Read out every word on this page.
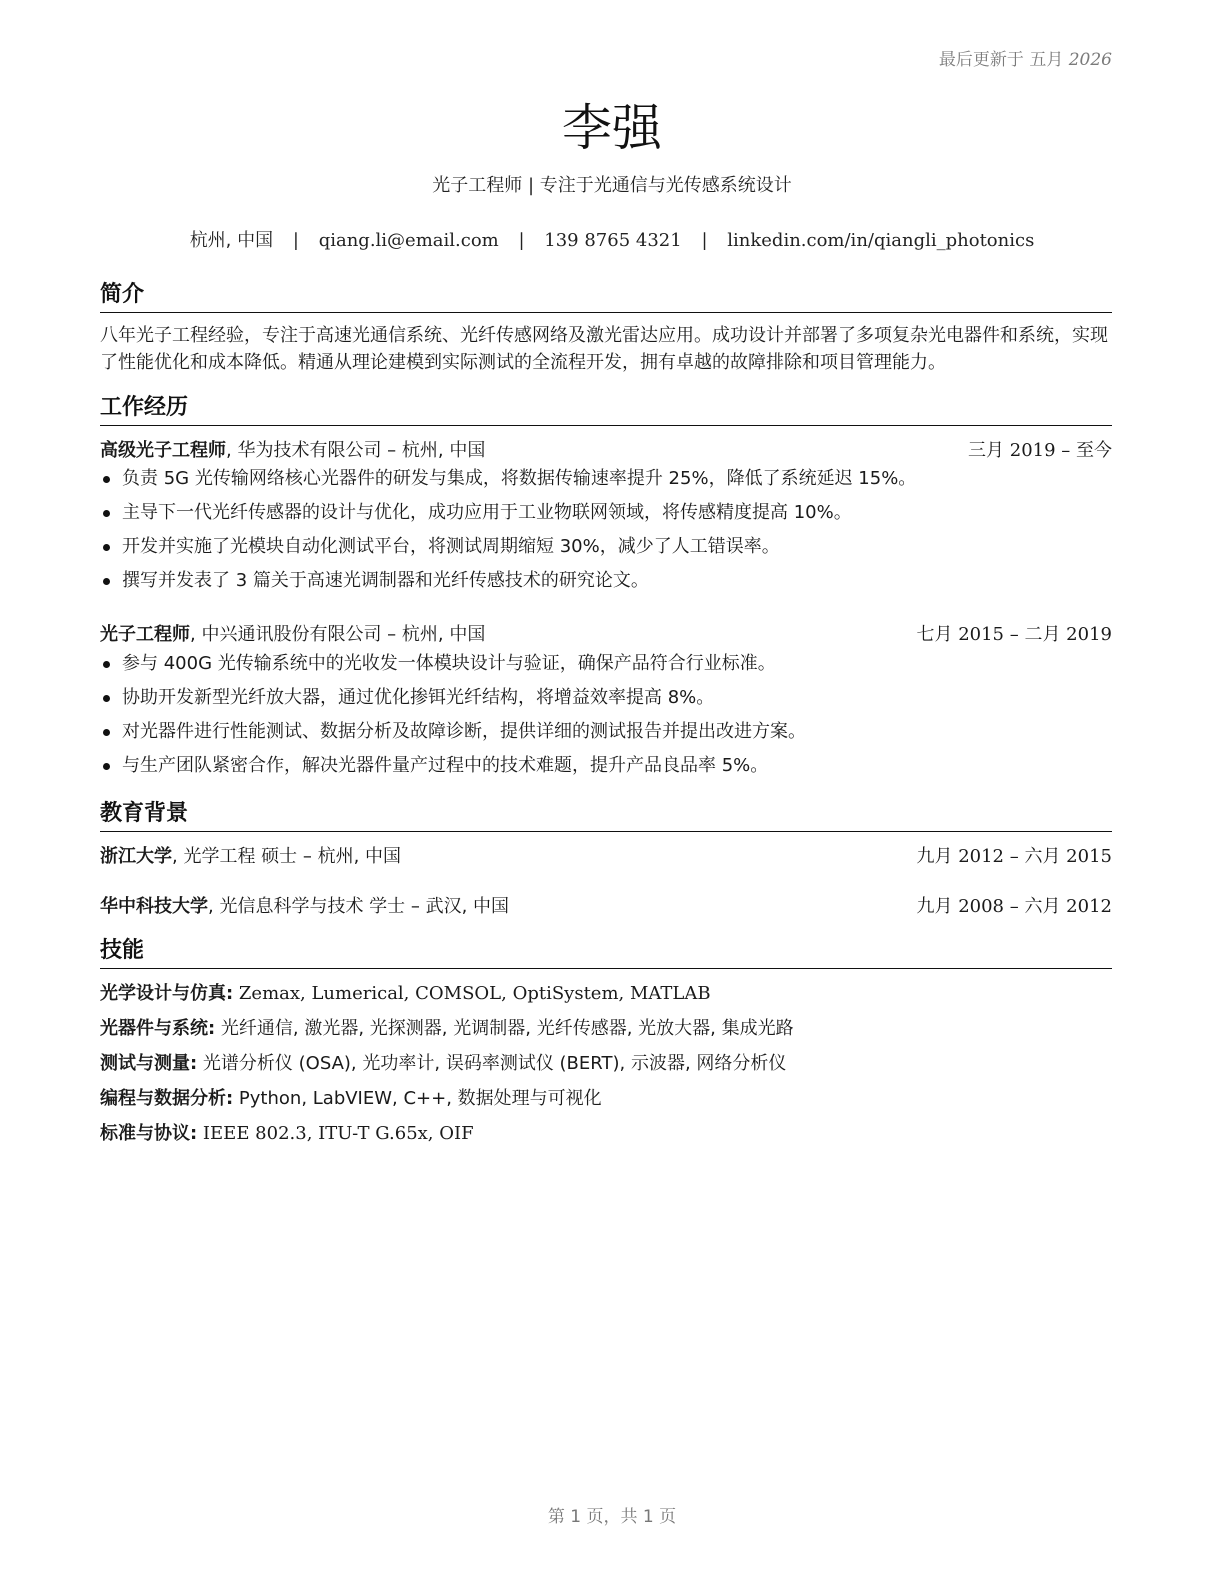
最后更新于 五月 2026
李强
光子工程师 | 专注于光通信与光传感系统设计
杭州, 中国 | qiang.li@email.com | 139 8765 4321 | linkedin.com/in/qiangli_photonics
简介
八年光子工程经验，专注于高速光通信系统、光纤传感网络及激光雷达应用。成功设计并部署了多项复杂光电器件和系统，实现了性能优化和成本降低。精通从理论建模到实际测试的全流程开发，拥有卓越的故障排除和项目管理能力。
工作经历
高级光子工程师, 华为技术有限公司 – 杭州, 中国	三月 2019 – 至今
负责 5G 光传输网络核心光器件的研发与集成，将数据传输速率提升 25%，降低了系统延迟 15%。
主导下一代光纤传感器的设计与优化，成功应用于工业物联网领域，将传感精度提高 10%。
开发并实施了光模块自动化测试平台，将测试周期缩短 30%，减少了人工错误率。
撰写并发表了 3 篇关于高速光调制器和光纤传感技术的研究论文。
光子工程师, 中兴通讯股份有限公司 – 杭州, 中国	七月 2015 – 二月 2019
参与 400G 光传输系统中的光收发一体模块设计与验证，确保产品符合行业标准。
协助开发新型光纤放大器，通过优化掺铒光纤结构，将增益效率提高 8%。
对光器件进行性能测试、数据分析及故障诊断，提供详细的测试报告并提出改进方案。
与生产团队紧密合作，解决光器件量产过程中的技术难题，提升产品良品率 5%。
教育背景
浙江大学, 光学工程 硕士 – 杭州, 中国	九月 2012 – 六月 2015
华中科技大学, 光信息科学与技术 学士 – 武汉, 中国	九月 2008 – 六月 2012
技能
光学设计与仿真: Zemax, Lumerical, COMSOL, OptiSystem, MATLAB
光器件与系统: 光纤通信, 激光器, 光探测器, 光调制器, 光纤传感器, 光放大器, 集成光路
测试与测量: 光谱分析仪 (OSA), 光功率计, 误码率测试仪 (BERT), 示波器, 网络分析仪
编程与数据分析: Python, LabVIEW, C++, 数据处理与可视化
标准与协议: IEEE 802.3, ITU-T G.65x, OIF
第 1 页，共 1 页
